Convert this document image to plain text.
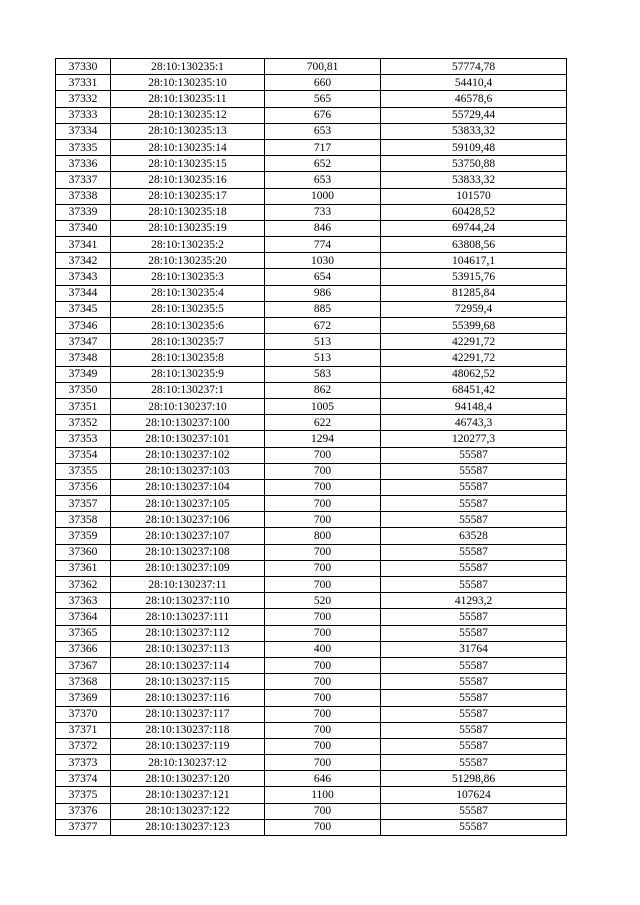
37330	28:10:130235:1	700,81	57774,78
37331	28:10:130235:10	660	54410,4
37332	28:10:130235:11	565	46578,6
37333	28:10:130235:12	676	55729,44
37334	28:10:130235:13	653	53833,32
37335	28:10:130235:14	717	59109,48
37336	28:10:130235:15	652	53750,88
37337	28:10:130235:16	653	53833,32
37338	28:10:130235:17	1000	101570
37339	28:10:130235:18	733	60428,52
37340	28:10:130235:19	846	69744,24
37341	28:10:130235:2	774	63808,56
37342	28:10:130235:20	1030	104617,1
37343	28:10:130235:3	654	53915,76
37344	28:10:130235:4	986	81285,84
37345	28:10:130235:5	885	72959,4
37346	28:10:130235:6	672	55399,68
37347	28:10:130235:7	513	42291,72
37348	28:10:130235:8	513	42291,72
37349	28:10:130235:9	583	48062,52
37350	28:10:130237:1	862	68451,42
37351	28:10:130237:10	1005	94148,4
37352	28:10:130237:100	622	46743,3
37353	28:10:130237:101	1294	120277,3
37354	28:10:130237:102	700	55587
37355	28:10:130237:103	700	55587
37356	28:10:130237:104	700	55587
37357	28:10:130237:105	700	55587
37358	28:10:130237:106	700	55587
37359	28:10:130237:107	800	63528
37360	28:10:130237:108	700	55587
37361	28:10:130237:109	700	55587
37362	28:10:130237:11	700	55587
37363	28:10:130237:110	520	41293,2
37364	28:10:130237:111	700	55587
37365	28:10:130237:112	700	55587
37366	28:10:130237:113	400	31764
37367	28:10:130237:114	700	55587
37368	28:10:130237:115	700	55587
37369	28:10:130237:116	700	55587
37370	28:10:130237:117	700	55587
37371	28:10:130237:118	700	55587
37372	28:10:130237:119	700	55587
37373	28:10:130237:12	700	55587
37374	28:10:130237:120	646	51298,86
37375	28:10:130237:121	1100	107624
37376	28:10:130237:122	700	55587
37377	28:10:130237:123	700	55587
